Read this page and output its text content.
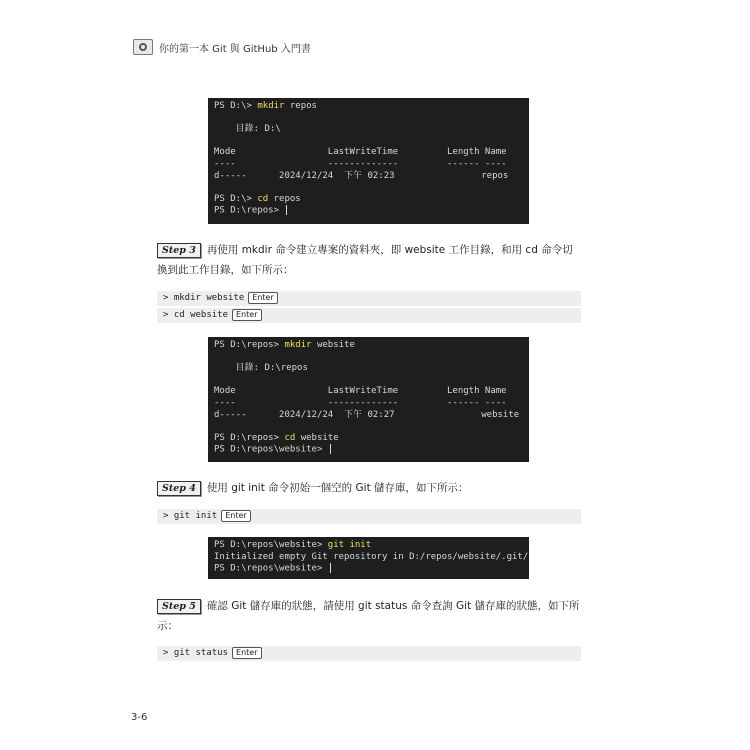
你的第一本 Git 與 GitHub 入門書
PS D:\> mkdir repos
目錄: D:\
Mode                 LastWriteTime         Length Name
----                 -------------         ------ ----
d-----      2024/12/24  下午 02:23                repos
PS D:\> cd repos
PS D:\repos>
Step 3 再使用 mkdir 命令建立專案的資料夾，即 website 工作目錄，和用 cd 命令切換到此工作目錄，如下所示：
> mkdir website Enter
> cd website Enter
PS D:\repos> mkdir website
目錄: D:\repos
Mode                 LastWriteTime         Length Name
----                 -------------         ------ ----
d-----      2024/12/24  下午 02:27                website
PS D:\repos> cd website
PS D:\repos\website>
Step 4 使用 git init 命令初始一個空的 Git 儲存庫，如下所示：
> git init Enter
PS D:\repos\website> git init
Initialized empty Git repository in D:/repos/website/.git/
PS D:\repos\website>
Step 5 確認 Git 儲存庫的狀態，請使用 git status 命令查詢 Git 儲存庫的狀態，如下所示：
> git status Enter
3-6
